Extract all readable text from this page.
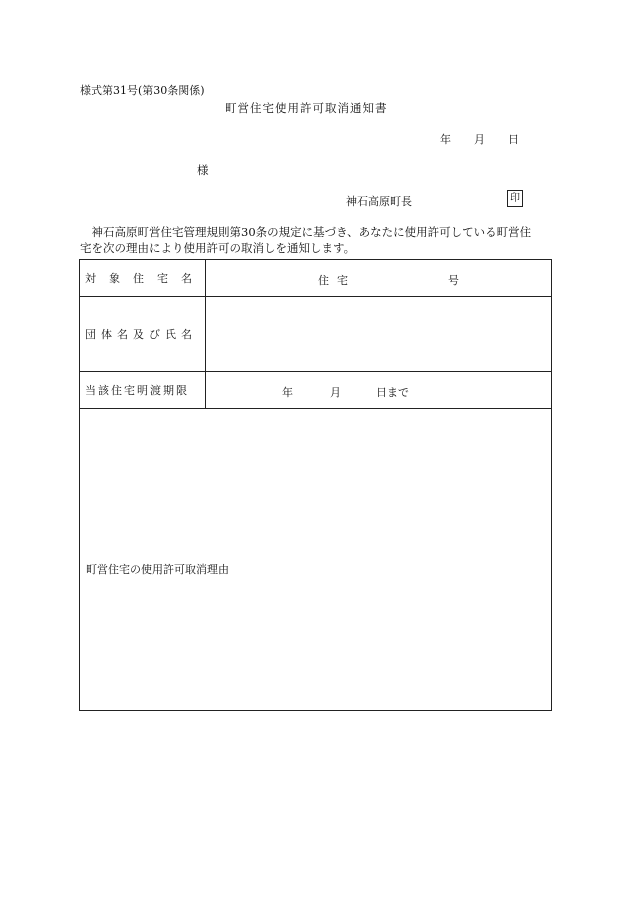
様式第31号(第30条関係)
町営住宅使用許可取消通知書
年 月 日
様
神石高原町長	印
神石高原町営住宅管理規則第30条の規定に基づき、あなたに使用許可している町営住
宅を次の理由により使用許可の取消しを通知します。
対象住宅名	住宅 号

団体名及び氏名	
当該住宅明渡期限	年 月 日まで

町営住宅の使用許可取消理由	
